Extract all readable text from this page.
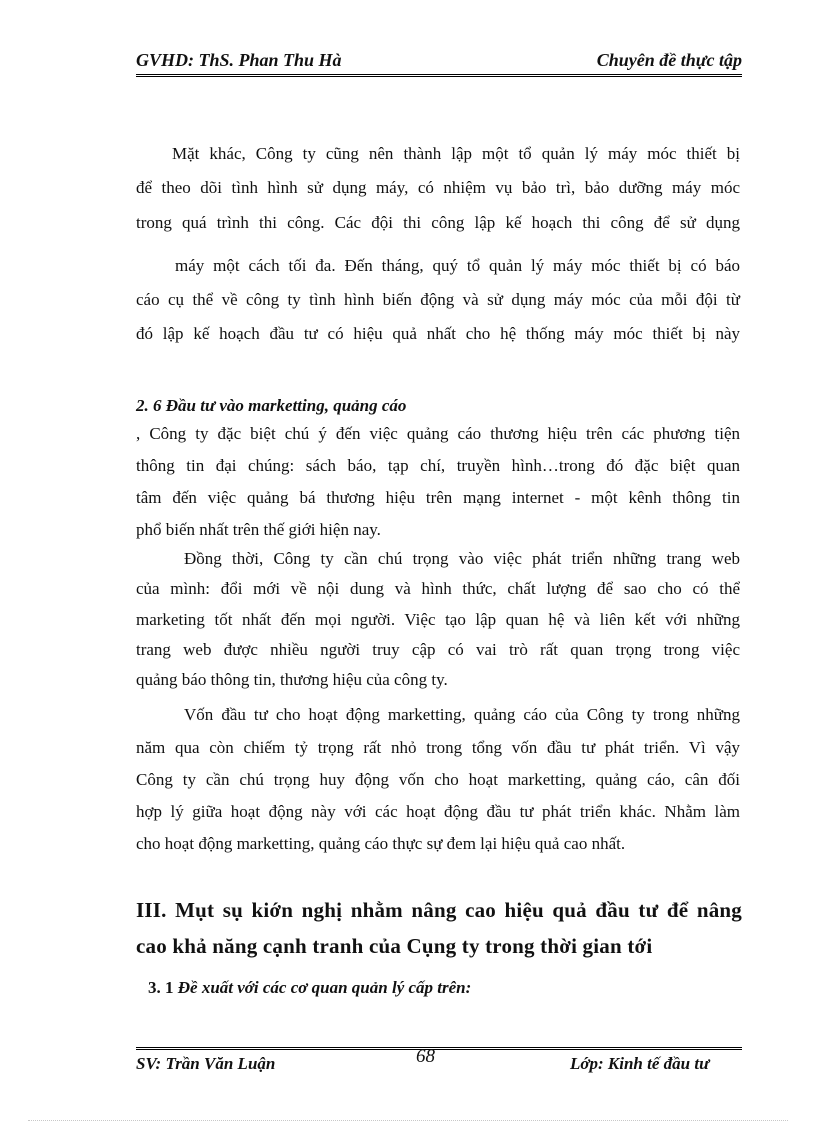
GVHD: ThS. Phan Thu Hà	Chuyên đề thực tập
Mặt khác, Công ty cũng nên thành lập một tổ quản lý máy móc thiết bị
để theo dõi tình hình sử dụng máy, có nhiệm vụ bảo trì, bảo dưỡng máy móc
trong quá trình thi công. Các đội thi công lập kế hoạch thi công để sử dụng
máy một cách tối đa. Đến tháng, quý tổ quản lý máy móc thiết bị có báo
cáo cụ thể về công ty tình hình biến động và sử dụng máy móc của mỗi đội từ
đó lập kế hoạch đầu tư có hiệu quả nhất cho hệ thống máy móc thiết bị này
2. 6 Đầu tư vào marketting, quảng cáo
, Công ty đặc biệt chú ý đến việc quảng cáo thương hiệu trên các phương tiện
thông tin đại chúng: sách báo, tạp chí, truyền hình…trong đó đặc biệt quan
tâm đến việc quảng bá thương hiệu trên mạng internet - một kênh thông tin
phổ biến nhất trên thế giới hiện nay.
Đồng thời, Công ty cần chú trọng vào việc phát triển những trang web
của mình: đổi mới về nội dung và hình thức, chất lượng để sao cho có thể
marketing tốt nhất đến mọi người. Việc tạo lập quan hệ và liên kết với những
trang web được nhiều người truy cập có vai trò rất quan trọng trong việc
quảng báo thông tin, thương hiệu của công ty.
Vốn đầu tư cho hoạt động marketting, quảng cáo của Công ty trong những
năm qua còn chiếm tỷ trọng rất nhỏ trong tổng vốn đầu tư phát triển. Vì vậy
Công ty cần chú trọng huy động vốn cho hoạt marketting, quảng cáo, cân đối
hợp lý giữa hoạt động này với các hoạt động đầu tư phát triển khác. Nhằm làm
cho hoạt động marketting, quảng cáo thực sự đem lại hiệu quả cao nhất.
III. Mụt sụ kiớn nghị nhằm nâng cao hiệu quả đầu tư để nâng
cao khả năng cạnh tranh của Cụng ty trong thời gian tới
3. 1 Đề xuất với các cơ quan quản lý cấp trên:
68
SV: Trần Văn Luận	Lớp: Kinh tế đầu tư
